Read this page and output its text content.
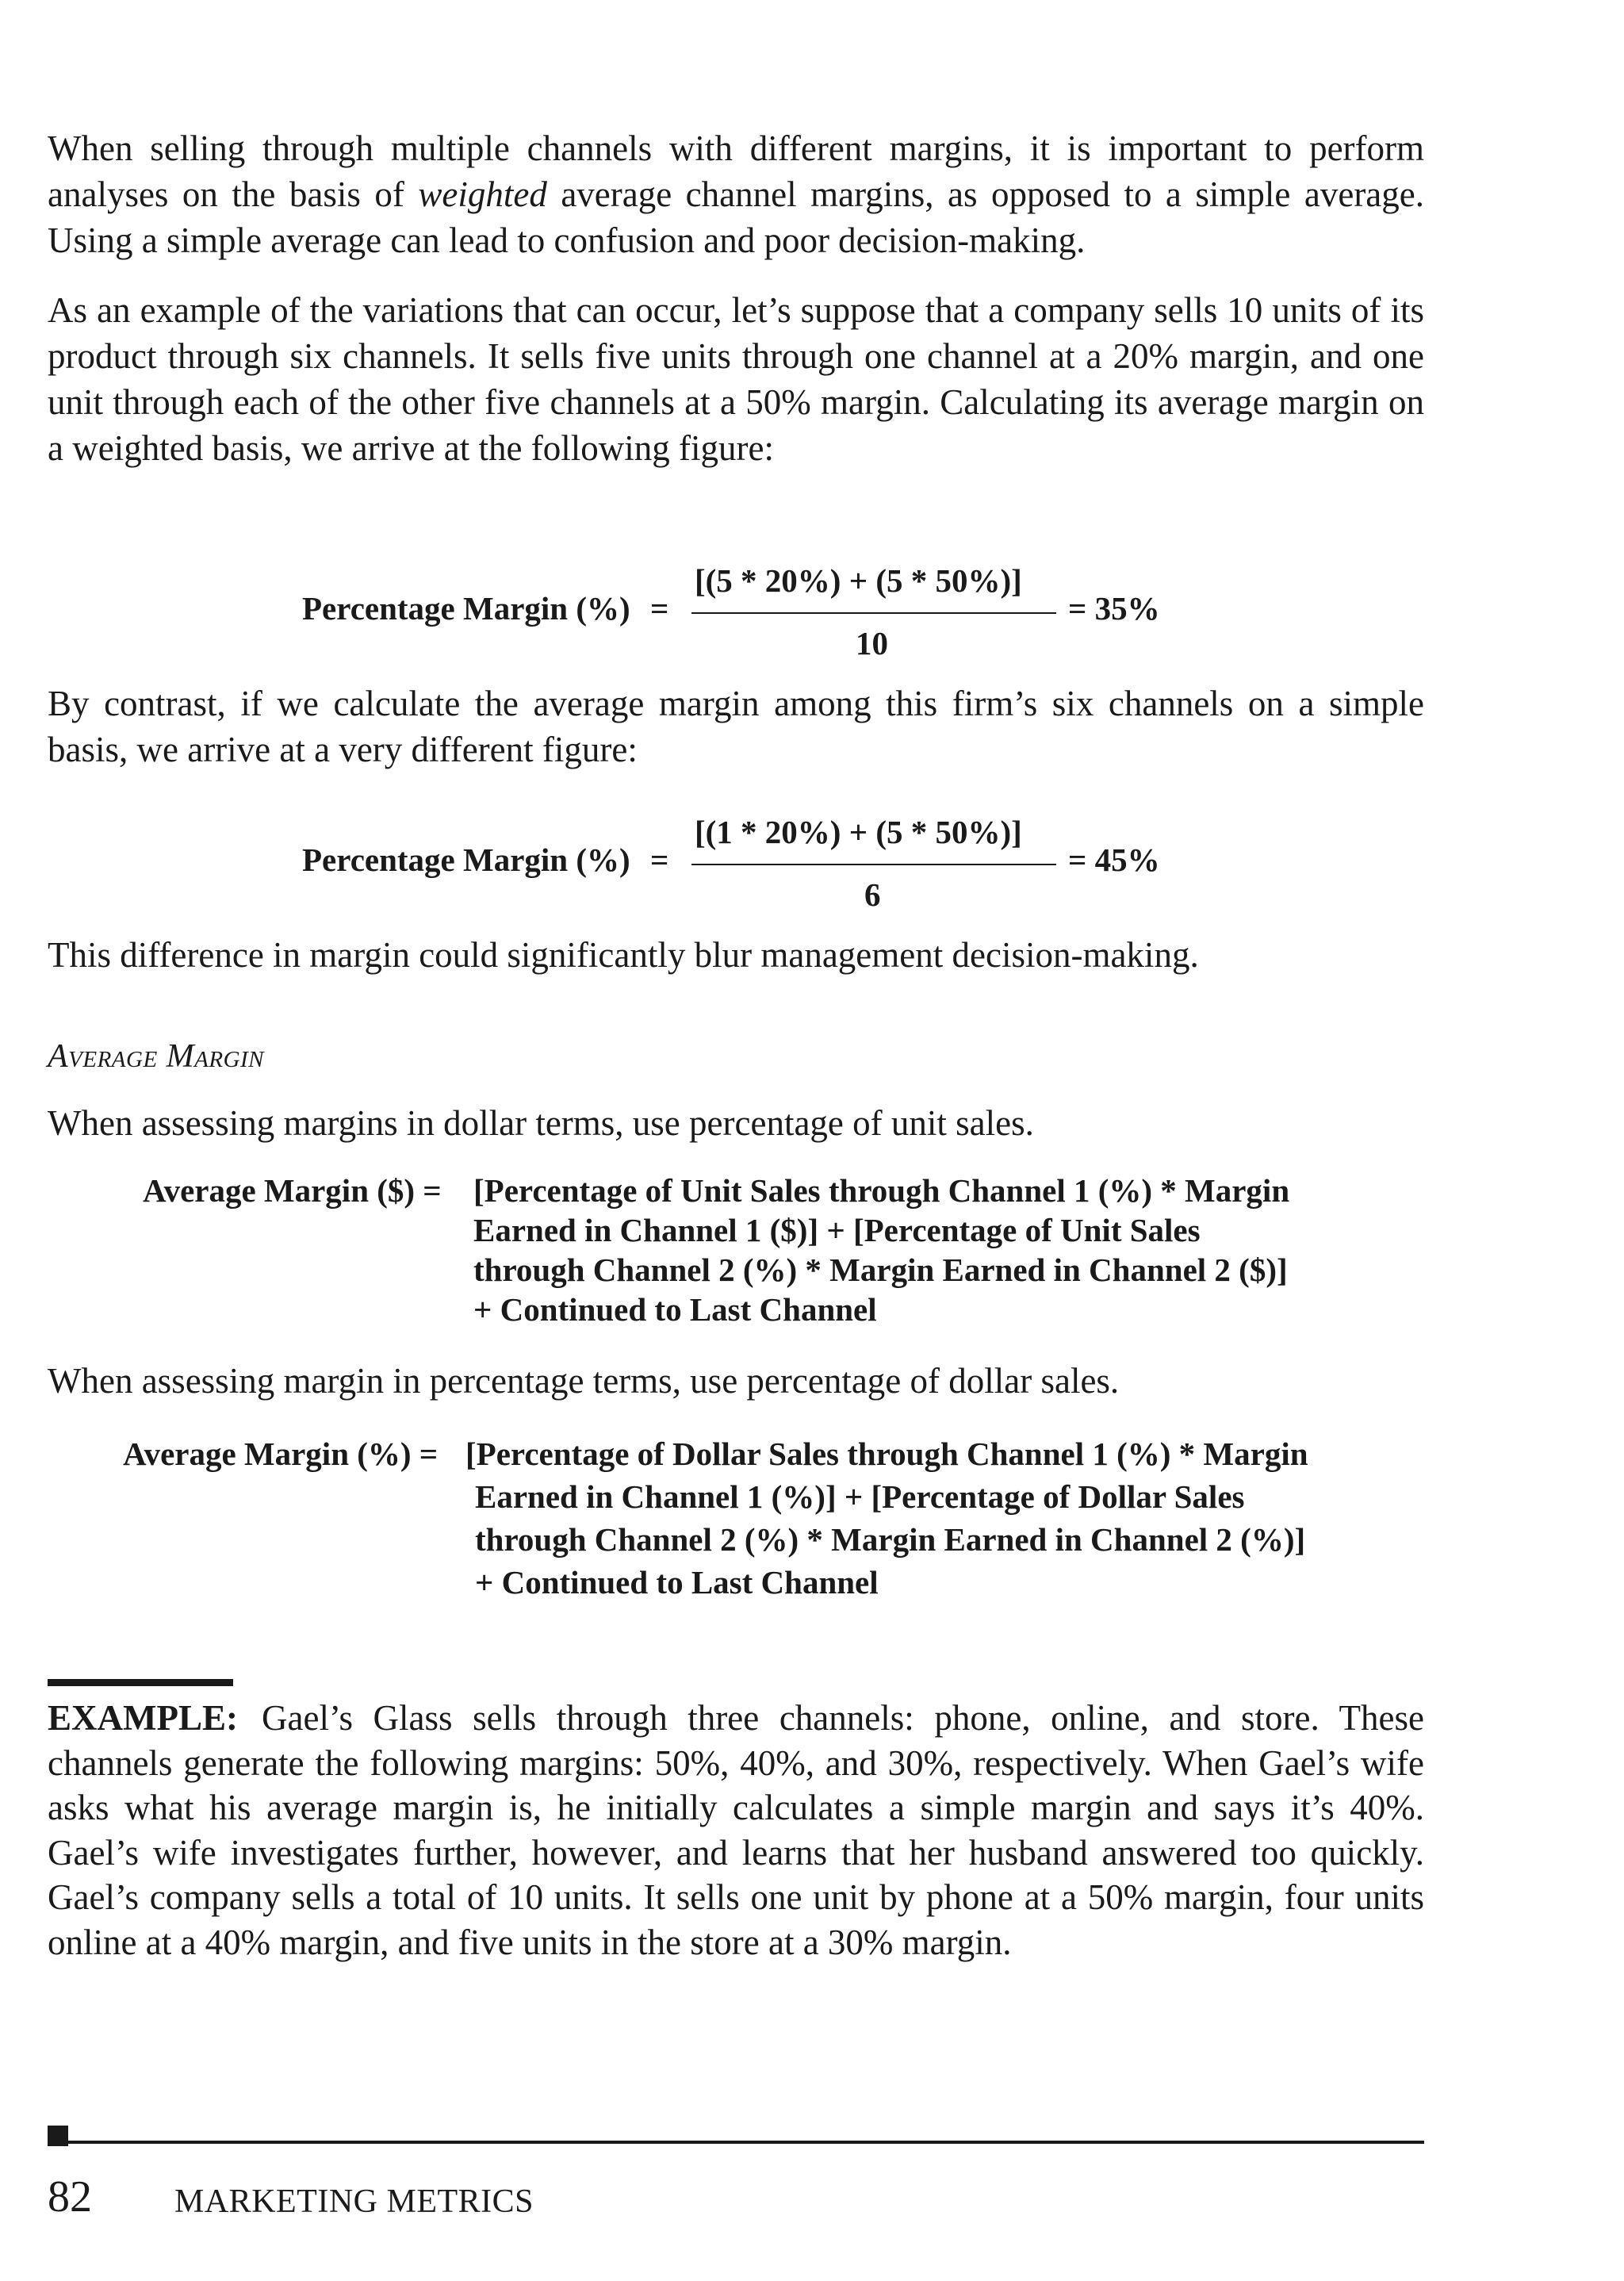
When selling through multiple channels with different margins, it is important to perform analyses on the basis of weighted average channel margins, as opposed to a simple average. Using a simple average can lead to confusion and poor decision-making.

As an example of the variations that can occur, let’s suppose that a company sells 10 units of its product through six channels. It sells five units through one channel at a 20% margin, and one unit through each of the other five channels at a 50% margin. Calculating its average margin on a weighted basis, we arrive at the following figure:

Percentage Margin (%) =
[(5 * 20%) + (5 * 50%)]
10
= 35%

By contrast, if we calculate the average margin among this firm’s six channels on a simple basis, we arrive at a very different figure:

Percentage Margin (%) =
[(1 * 20%) + (5 * 50%)]
6
= 45%

This difference in margin could significantly blur management decision-making.

Average Margin

When assessing margins in dollar terms, use percentage of unit sales.

Average Margin ($) = [Percentage of Unit Sales through Channel 1 (%) * Margin
Earned in Channel 1 ($)] + [Percentage of Unit Sales
through Channel 2 (%) * Margin Earned in Channel 2 ($)]
+ Continued to Last Channel

When assessing margin in percentage terms, use percentage of dollar sales.

Average Margin (%) = [Percentage of Dollar Sales through Channel 1 (%) * Margin
Earned in Channel 1 (%)] + [Percentage of Dollar Sales
through Channel 2 (%) * Margin Earned in Channel 2 (%)]
+ Continued to Last Channel

EXAMPLE: Gael’s Glass sells through three channels: phone, online, and store. These channels generate the following margins: 50%, 40%, and 30%, respectively. When Gael’s wife asks what his average margin is, he initially calculates a simple margin and says it’s 40%. Gael’s wife investigates further, however, and learns that her husband answered too quickly. Gael’s company sells a total of 10 units. It sells one unit by phone at a 50% margin, four units online at a 40% margin, and five units in the store at a 30% margin.

82 MARKETING METRICS
